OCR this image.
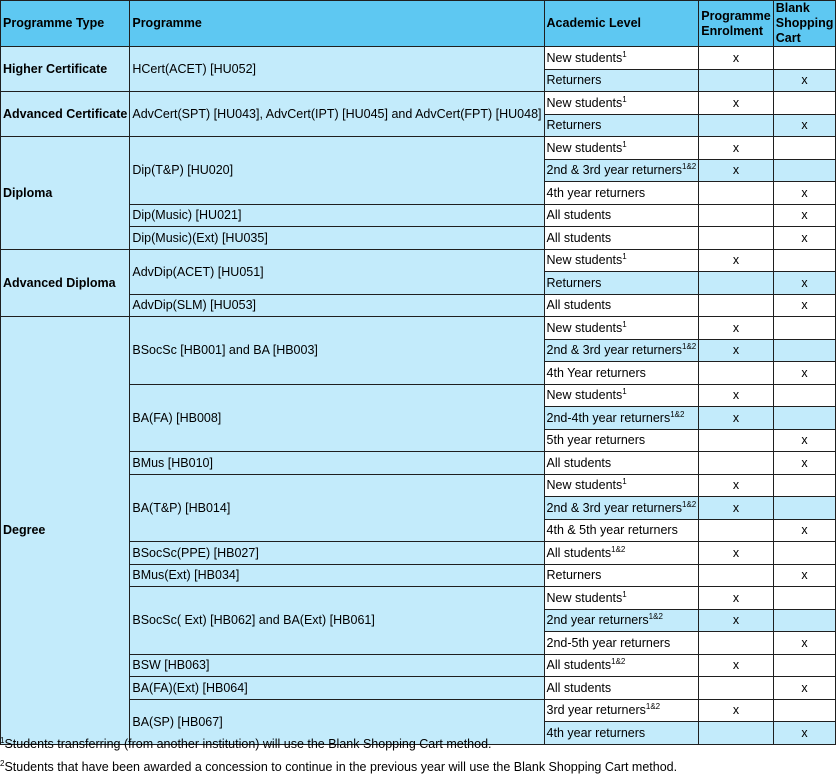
Programme Type	Programme	Academic Level	Programme Enrolment	Blank Shopping Cart
Higher Certificate	HCert(ACET) [HU052]	New students$^1$	x	
		Returners		x
Advanced Certificate	AdvCert(SPT) [HU043], AdvCert(IPT) [HU045] and AdvCert(FPT) [HU048]	New students$^1$	x	
		Returners		x
Diploma	Dip(T&P) [HU020]	New students$^1$	x	
		2nd & 3rd year returners$^{1\&2}$	x	
		4th year returners		x
	Dip(Music) [HU021]	All students		x
	Dip(Music)(Ext) [HU035]	All students		x
Advanced Diploma	AdvDip(ACET) [HU051]	New students$^1$	x	
		Returners		x
	AdvDip(SLM) [HU053]	All students		x
Degree	BSocSc [HB001] and BA [HB003]	New students$^1$	x	
		2nd & 3rd year returners$^{1\&2}$	x	
		4th Year returners		x
	BA(FA) [HB008]	New students$^1$	x	
		2nd-4th year returners$^{1\&2}$	x	
		5th year returners		x
	BMus [HB010]	All students		x
	BA(T&P) [HB014]	New students$^1$	x	
		2nd & 3rd year returners$^{1\&2}$	x	
		4th & 5th year returners		x
	BSocSc(PPE) [HB027]	All students$^{1\&2}$	x	
	BMus(Ext) [HB034]	Returners		x
	BSocSc( Ext) [HB062] and BA(Ext) [HB061]	New students$^1$	x	
		2nd year returners$^{1\&2}$	x	
		2nd-5th year returners		x
	BSW [HB063]	All students$^{1\&2}$	x	
	BA(FA)(Ext) [HB064]	All students		x
	BA(SP) [HB067]	3rd year returners$^{1\&2}$	x	
		4th year returners		x
$^1$Students transferring (from another institution) will use the Blank Shopping Cart method.
$^2$Students that have been awarded a concession to continue in the previous year will use the Blank Shopping Cart method.
